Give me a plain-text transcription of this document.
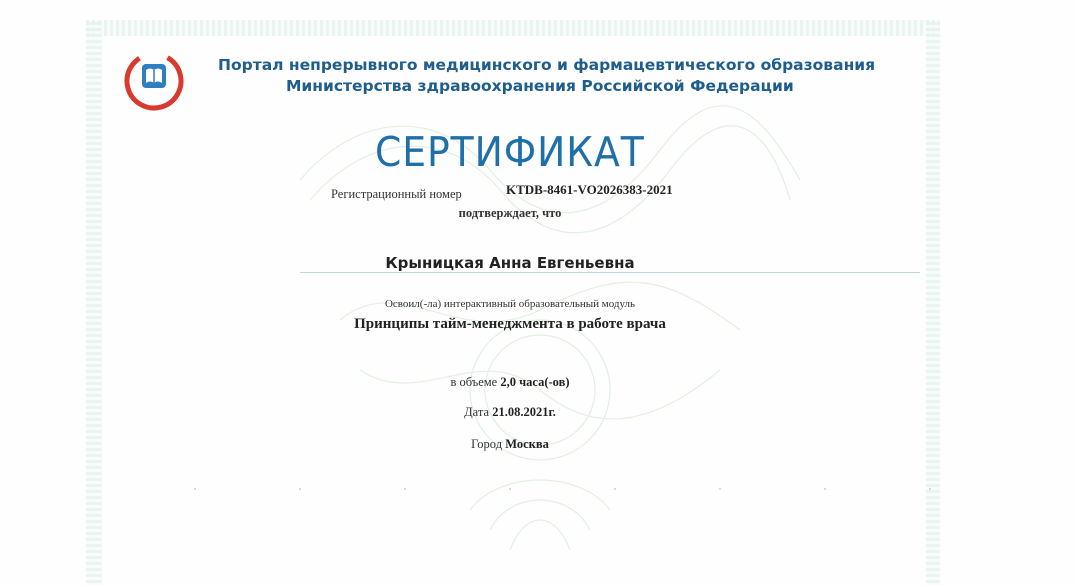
Портал непрерывного медицинского и фармацевтического образования
Министерства здравоохранения Российской Федерации
СЕРТИФИКАТ
Регистрационный номер	KTDB-8461-VO2026383-2021
подтверждает, что
Крыницкая Анна Евгеньевна
Освоил(-ла) интерактивный образовательный модуль
Принципы тайм-менеджмента в работе врача
в объеме 2,0 часа(-ов)
Дата 21.08.2021г.
Город Москва
